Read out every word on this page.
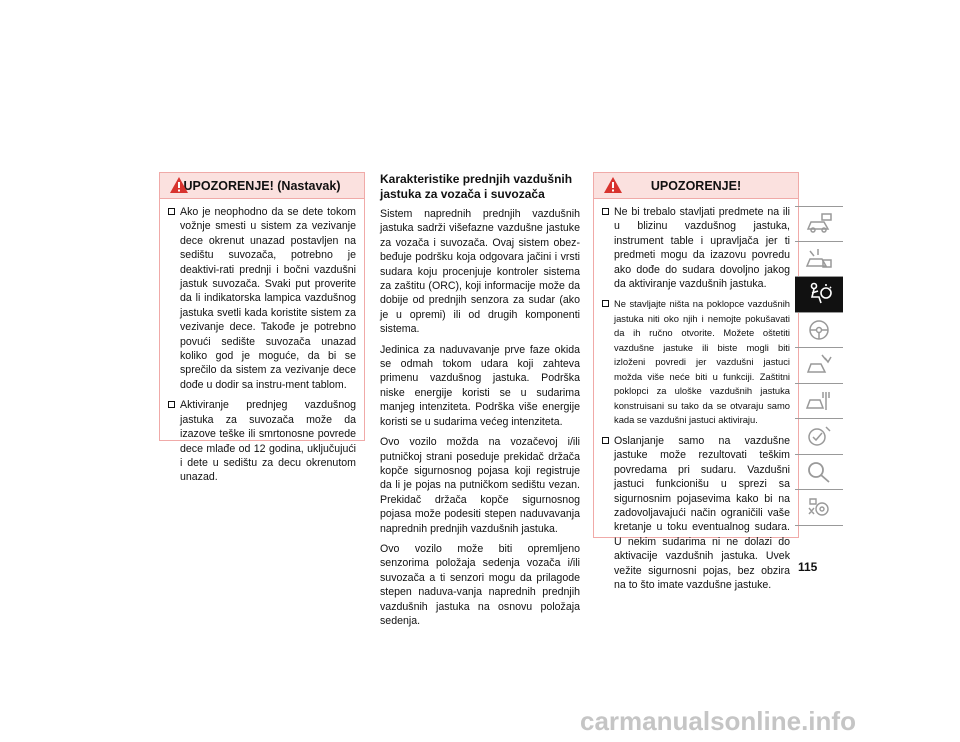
UPOZORENJE! (Nastavak)

Ako je neophodno da se dete tokom vožnje smesti u sistem za vezivanje dece okrenut unazad postavljen na sedištu suvozača, potrebno je deaktivi-rati prednji i bočni vazdušni jastuk suvozača. Svaki put proverite da li indikatorska lampica vazdušnog jastuka svetli kada koristite sistem za vezivanje dece. Takođe je potrebno povući sedište suvozača unazad koliko god je moguće, da bi se sprečilo da sistem za vezivanje dece dođe u dodir sa instru-ment tablom.

Aktiviranje prednjeg vazdušnog jastuka za suvozača može da izazove teške ili smrtonosne povrede dece mlađe od 12 godina, uključujući i dete u sedištu za decu okrenutom unazad.

Karakteristike prednjih vazdušnih jastuka za vozača i suvozača

Sistem naprednih prednjih vazdušnih jastuka sadrži višefazne vazdušne jastuke za vozača i suvozača. Ovaj sistem obez-beđuje podršku koja odgovara jačini i vrsti sudara koju procenjuje kontroler sistema za zaštitu (ORC), koji informacije može da dobije od prednjih senzora za sudar (ako je u opremi) ili od drugih komponenti sistema.

Jedinica za naduvavanje prve faze okida se odmah tokom udara koji zahteva primenu vazdušnog jastuka. Podrška niske energije koristi se u sudarima manjeg intenziteta. Podrška više energije koristi se u sudarima većeg intenziteta.

Ovo vozilo možda na vozačevoj i/ili putničkoj strani poseduje prekidač držača kopče sigurnosnog pojasa koji registruje da li je pojas na putničkom sedištu vezan. Prekidač držača kopče sigurnosnog pojasa može podesiti stepen naduvavanja naprednih prednjih vazdušnih jastuka.

Ovo vozilo može biti opremljeno senzorima položaja sedenja vozača i/ili suvozača a ti senzori mogu da prilagode stepen naduva-vanja naprednih prednjih vazdušnih jastuka na osnovu položaja sedenja.

UPOZORENJE!

Ne bi trebalo stavljati predmete na ili u blizinu vazdušnog jastuka, instrument table i upravljača jer ti predmeti mogu da izazovu povredu ako dođe do sudara dovoljno jakog da aktiviranje vazdušnih jastuka.

Ne stavljajte ništa na poklopce vazdušnih jastuka niti oko njih i nemojte pokušavati da ih ručno otvorite. Možete oštetiti vazdušne jastuke ili biste mogli biti izloženi povredi jer vazdušni jastuci možda više neće biti u funkciji. Zaštitni poklopci za uloške vazdušnih jastuka konstruisani su tako da se otvaraju samo kada se vazdušni jastuci aktiviraju.

Oslanjanje samo na vazdušne jastuke može rezultovati teškim povredama pri sudaru. Vazdušni jastuci funkcionišu u sprezi sa sigurnosnim pojasevima kako bi na zadovoljavajući način ograničili vaše kretanje u toku eventualnog sudara. U nekim sudarima ni ne dolazi do aktivacije vazdušnih jastuka. Uvek vežite sigurnosni pojas, bez obzira na to što imate vazdušne jastuke.

115
carmanualsonline.info
